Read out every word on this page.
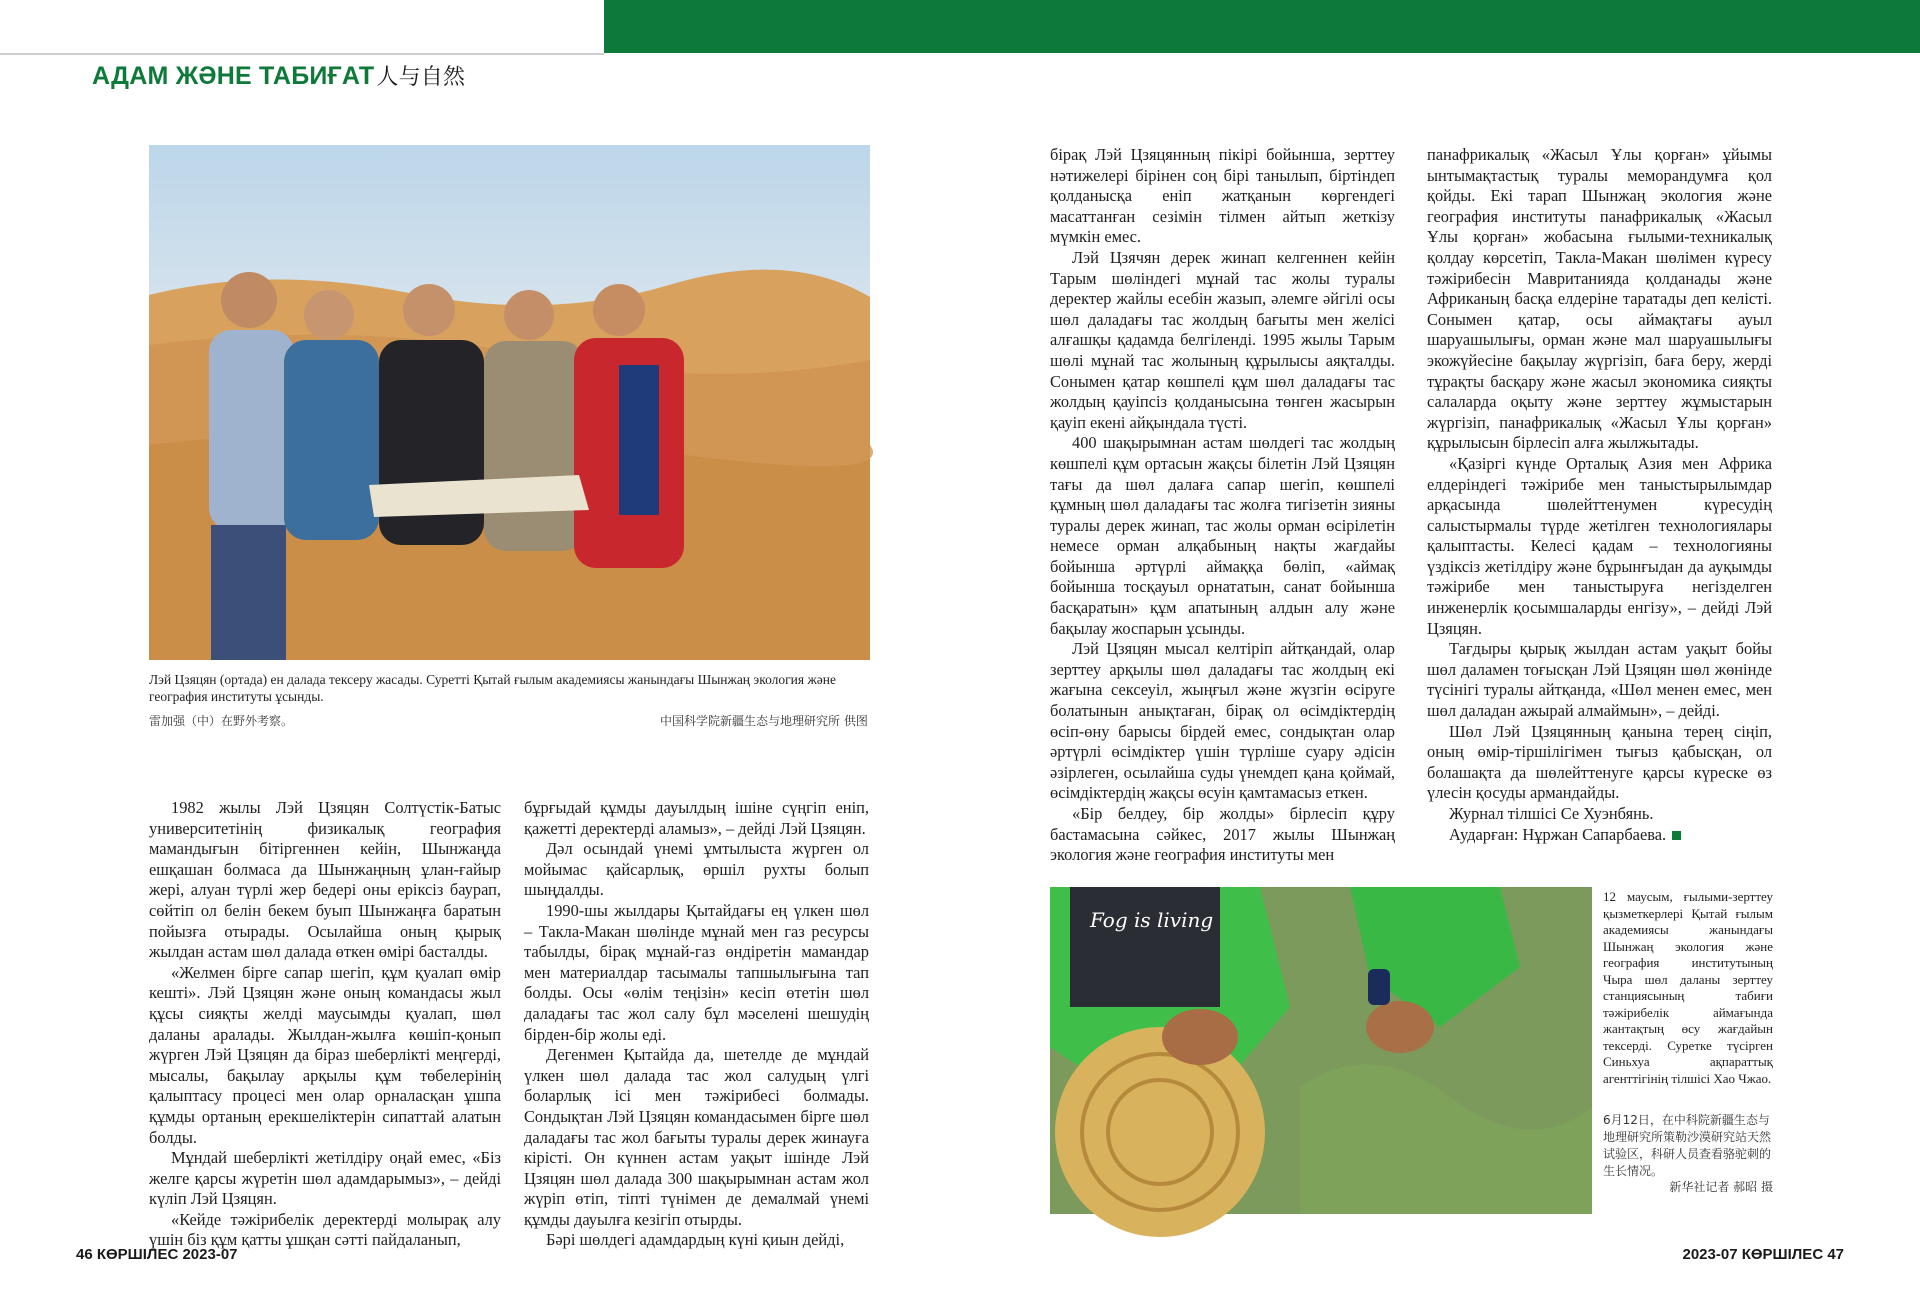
АДАМ ЖӘНЕ ТАБИҒАТ人与自然
Лэй Цзяцян (ортада) ен далада тексеру жасады. Суретті Қытай ғылым академиясы жанындағы Шынжаң экология және география институты ұсынды.
雷加强（中）在野外考察。	中国科学院新疆生态与地理研究所 供图

1982 жылы Лэй Цзяцян Солтүстік-Батыс университетінің физикалық география мамандығын бітіргеннен кейін, Шынжаңда ешқашан болмаса да Шынжаңның ұлан-ғайыр жері, алуан түрлі жер бедері оны еріксіз баурап, сөйтіп ол белін бекем буып Шынжаңға баратын пойызға отырады. Осылайша оның қырық жылдан астам шөл далада өткен өмірі басталды.

«Желмен бірге сапар шегіп, құм қуалап өмір кешті». Лэй Цзяцян және оның командасы жыл құсы сияқты желді маусымды қуалап, шөл даланы аралады. Жылдан-жылға көшіп-қонып жүрген Лэй Цзяцян да біраз шеберлікті меңгерді, мысалы, бақылау арқылы құм төбелерінің қалыптасу процесі мен олар орналасқан ұшпа құмды ортаның ерекшеліктерін сипаттай алатын болды.

Мұндай шеберлікті жетілдіру оңай емес, «Біз желге қарсы жүретін шөл адамдарымыз», – дейді күліп Лэй Цзяцян.

«Кейде тәжірибелік деректерді молырақ алу үшін біз құм қатты ұшқан сәтті пайдаланып,

бұрғыдай құмды дауылдың ішіне сүңгіп еніп, қажетті деректерді аламыз», – дейді Лэй Цзяцян.

Дәл осындай үнемі ұмтылыста жүрген ол мойымас қайсарлық, өршіл рухты болып шыңдалды.

1990-шы жылдары Қытайдағы ең үлкен шөл – Такла-Макан шөлінде мұнай мен газ ресурсы табылды, бірақ мұнай-газ өндіретін мамандар мен материалдар тасымалы тапшылығына тап болды. Осы «өлім теңізін» кесіп өтетін шөл даладағы тас жол салу бұл мәселені шешудің бірден-бір жолы еді.

Дегенмен Қытайда да, шетелде де мұндай үлкен шөл далада тас жол салудың үлгі боларлық ісі мен тәжірибесі болмады. Сондықтан Лэй Цзяцян командасымен бірге шөл даладағы тас жол бағыты туралы дерек жинауға кірісті. Он күннен астам уақыт ішінде Лэй Цзяцян шөл далада 300 шақырымнан астам жол жүріп өтіп, тіпті түнімен де демалмай үнемі құмды дауылға кезігіп отырды.

Бәрі шөлдегі адамдардың күні қиын дейді,

бірақ Лэй Цзяцянның пікірі бойынша, зерттеу нәтижелері бірінен соң бірі танылып, біртіндеп қолданысқа еніп жатқанын көргендегі масаттанған сезімін тілмен айтып жеткізу мүмкін емес.

Лэй Цзячян дерек жинап келгеннен кейін Тарым шөліндегі мұнай тас жолы туралы деректер жайлы есебін жазып, әлемге әйгілі осы шөл даладағы тас жолдың бағыты мен желісі алғашқы қадамда белгіленді. 1995 жылы Тарым шөлі мұнай тас жолының құрылысы аяқталды. Сонымен қатар көшпелі құм шөл даладағы тас жолдың қауіпсіз қолданысына төнген жасырын қауіп екені айқындала түсті.

400 шақырымнан астам шөлдегі тас жолдың көшпелі құм ортасын жақсы білетін Лэй Цзяцян тағы да шөл далаға сапар шегіп, көшпелі құмның шөл даладағы тас жолға тигізетін зияны туралы дерек жинап, тас жолы орман өсірілетін немесе орман алқабының нақты жағдайы бойынша әртүрлі аймаққа бөліп, «аймақ бойынша тосқауыл орнататын, санат бойынша басқаратын» құм апатының алдын алу және бақылау жоспарын ұсынды.

Лэй Цзяцян мысал келтіріп айтқандай, олар зерттеу арқылы шөл даладағы тас жолдың екі жағына сексеуіл, жыңғыл және жүзгін өсіруге болатынын анықтаған, бірақ ол өсімдіктердің өсіп-өну барысы бірдей емес, сондықтан олар әртүрлі өсімдіктер үшін түрліше суару әдісін әзірлеген, осылайша суды үнемдеп қана қоймай, өсімдіктердің жақсы өсуін қамтамасыз еткен.

«Бір белдеу, бір жолды» бірлесіп құру бастамасына сәйкес, 2017 жылы Шынжаң экология және география институты мен

панафрикалық «Жасыл Ұлы қорған» ұйымы ынтымақтастық туралы меморандумға қол қойды. Екі тарап Шынжаң экология және география институты панафрикалық «Жасыл Ұлы қорған» жобасына ғылыми-техникалық қолдау көрсетіп, Такла-Макан шөлімен күресу тәжірибесін Мавританияда қолданады және Африканың басқа елдеріне таратады деп келісті. Сонымен қатар, осы аймақтағы ауыл шаруашылығы, орман және мал шаруашылығы экожүйесіне бақылау жүргізіп, баға беру, жерді тұрақты басқару және жасыл экономика сияқты салаларда оқыту және зерттеу жұмыстарын жүргізіп, панафрикалық «Жасыл Ұлы қорған» құрылысын бірлесіп алға жылжытады.

«Қазіргі күнде Орталық Азия мен Африка елдеріндегі тәжірибе мен таныстырылымдар арқасында шөлейттенумен күресудің салыстырмалы түрде жетілген технологиялары қалыптасты. Келесі қадам – технологияны үздіксіз жетілдіру және бұрынғыдан да ауқымды тәжірибе мен таныстыруға негізделген инженерлік қосымшаларды енгізу», – дейді Лэй Цзяцян.

Тағдыры қырық жылдан астам уақыт бойы шөл даламен тоғысқан Лэй Цзяцян шөл жөнінде түсінігі туралы айтқанда, «Шөл менен емес, мен шөл даладан ажырай алмаймын», – дейді.

Шөл Лэй Цзяцянның қанына терең сіңіп, оның өмір-тіршілігімен тығыз қабысқан, ол болашақта да шөлейттенуге қарсы күреске өз үлесін қосуды армандайды.

Журнал тілшісі Се Хуэнбянь.
Аударған: Нұржан Сапарбаева.
Fog is living
12 маусым, ғылыми-зерттеу қызметкерлері Қытай ғылым академиясы жанындағы Шынжаң экология және география институтының Чыра шөл даланы зерттеу станциясының табиғи тәжірибелік аймағында жантақтың өсу жағдайын тексерді. Суретке түсірген Синьхуа ақпараттық агенттігінің тілшісі Хао Чжао.
6月12日，在中科院新疆生态与地理研究所策勒沙漠研究站天然试验区，科研人员查看骆驼刺的生长情况。
新华社记者 郝昭 摄
46 КӨРШІЛЕС 2023-07	2023-07 КӨРШІЛЕС 47
